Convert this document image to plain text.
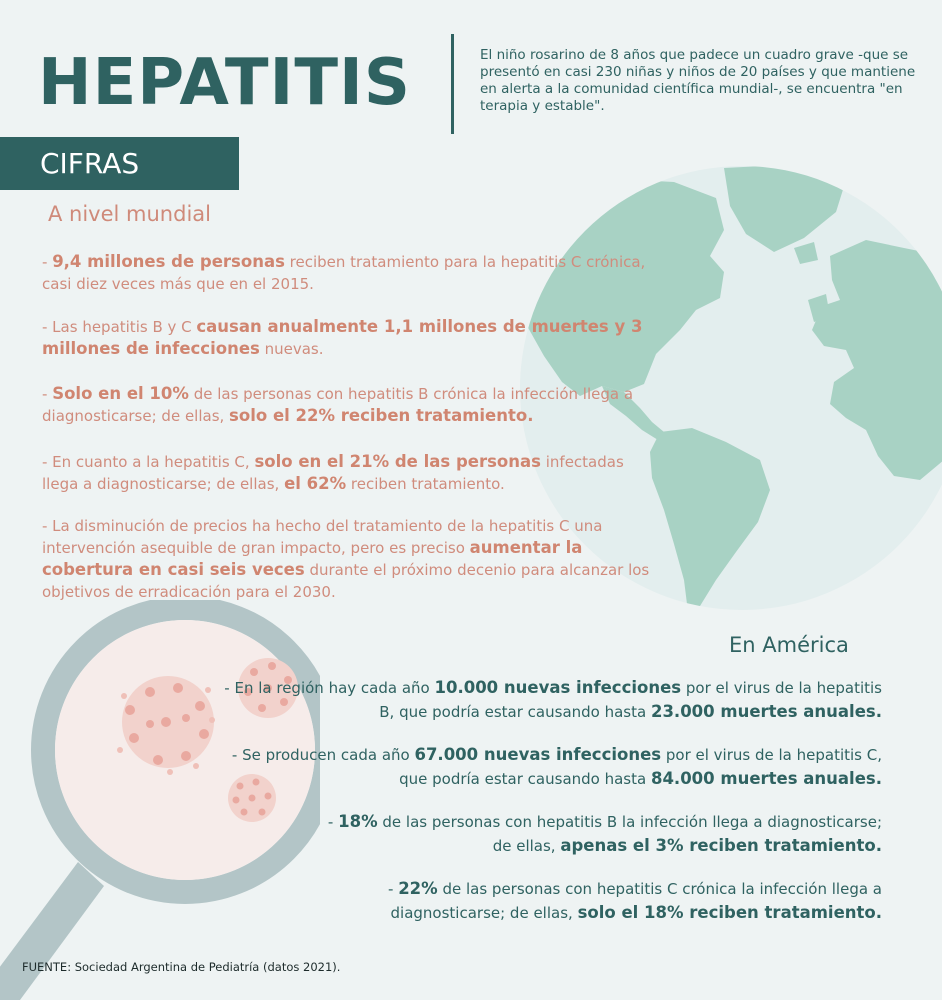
HEPATITIS	El niño rosarino de 8 años que padece un cuadro grave -que se presentó en casi 230 niñas y niños de 20 países y que mantiene en alerta a la comunidad científica mundial-, se encuentra "en terapia y estable".
CIFRAS
A nivel mundial
- 9,4 millones de personas reciben tratamiento para la hepatitis C crónica, casi diez veces más que en el 2015.
- Las hepatitis B y C causan anualmente 1,1 millones de muertes y 3 millones de infecciones nuevas.
- Solo en el 10% de las personas con hepatitis B crónica la infección llega a diagnosticarse; de ellas, solo el 22% reciben tratamiento.
- En cuanto a la hepatitis C, solo en el 21% de las personas infectadas llega a diagnosticarse; de ellas, el 62% reciben tratamiento.
- La disminución de precios ha hecho del tratamiento de la hepatitis C una intervención asequible de gran impacto, pero es preciso aumentar la cobertura en casi seis veces durante el próximo decenio para alcanzar los objetivos de erradicación para el 2030.
En América
- En la región hay cada año 10.000 nuevas infecciones por el virus de la hepatitis B, que podría estar causando hasta 23.000 muertes anuales.
- Se producen cada año 67.000 nuevas infecciones por el virus de la hepatitis C, que podría estar causando hasta 84.000 muertes anuales.
- 18% de las personas con hepatitis B la infección llega a diagnosticarse; de ellas, apenas el 3% reciben tratamiento.
- 22% de las personas con hepatitis C crónica la infección llega a diagnosticarse; de ellas, solo el 18% reciben tratamiento.
FUENTE: Sociedad Argentina de Pediatría (datos 2021).
